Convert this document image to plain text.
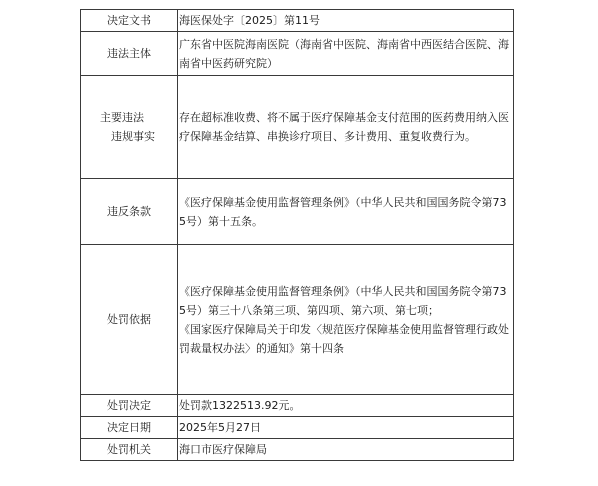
决定文书	海医保处字〔2025〕第11号
违法主体	广东省中医院海南医院（海南省中医院、海南省中西医结合医院、海南省中医药研究院）

主要违法
违规事实	存在超标准收费、将不属于医疗保障基金支付范围的医药费用纳入医疗保障基金结算、串换诊疗项目、多计费用、重复收费行为。
违反条款	《医疗保障基金使用监督管理条例》（中华人民共和国国务院令第735号）第十五条。
处罚依据	《医疗保障基金使用监督管理条例》（中华人民共和国国务院令第735号）第三十八条第三项、第四项、第六项、第七项；
《国家医疗保障局关于印发〈规范医疗保障基金使用监督管理行政处罚裁量权办法〉的通知》第十四条

处罚决定	处罚款1322513.92元。
决定日期	2025年5月27日
处罚机关	海口市医疗保障局
